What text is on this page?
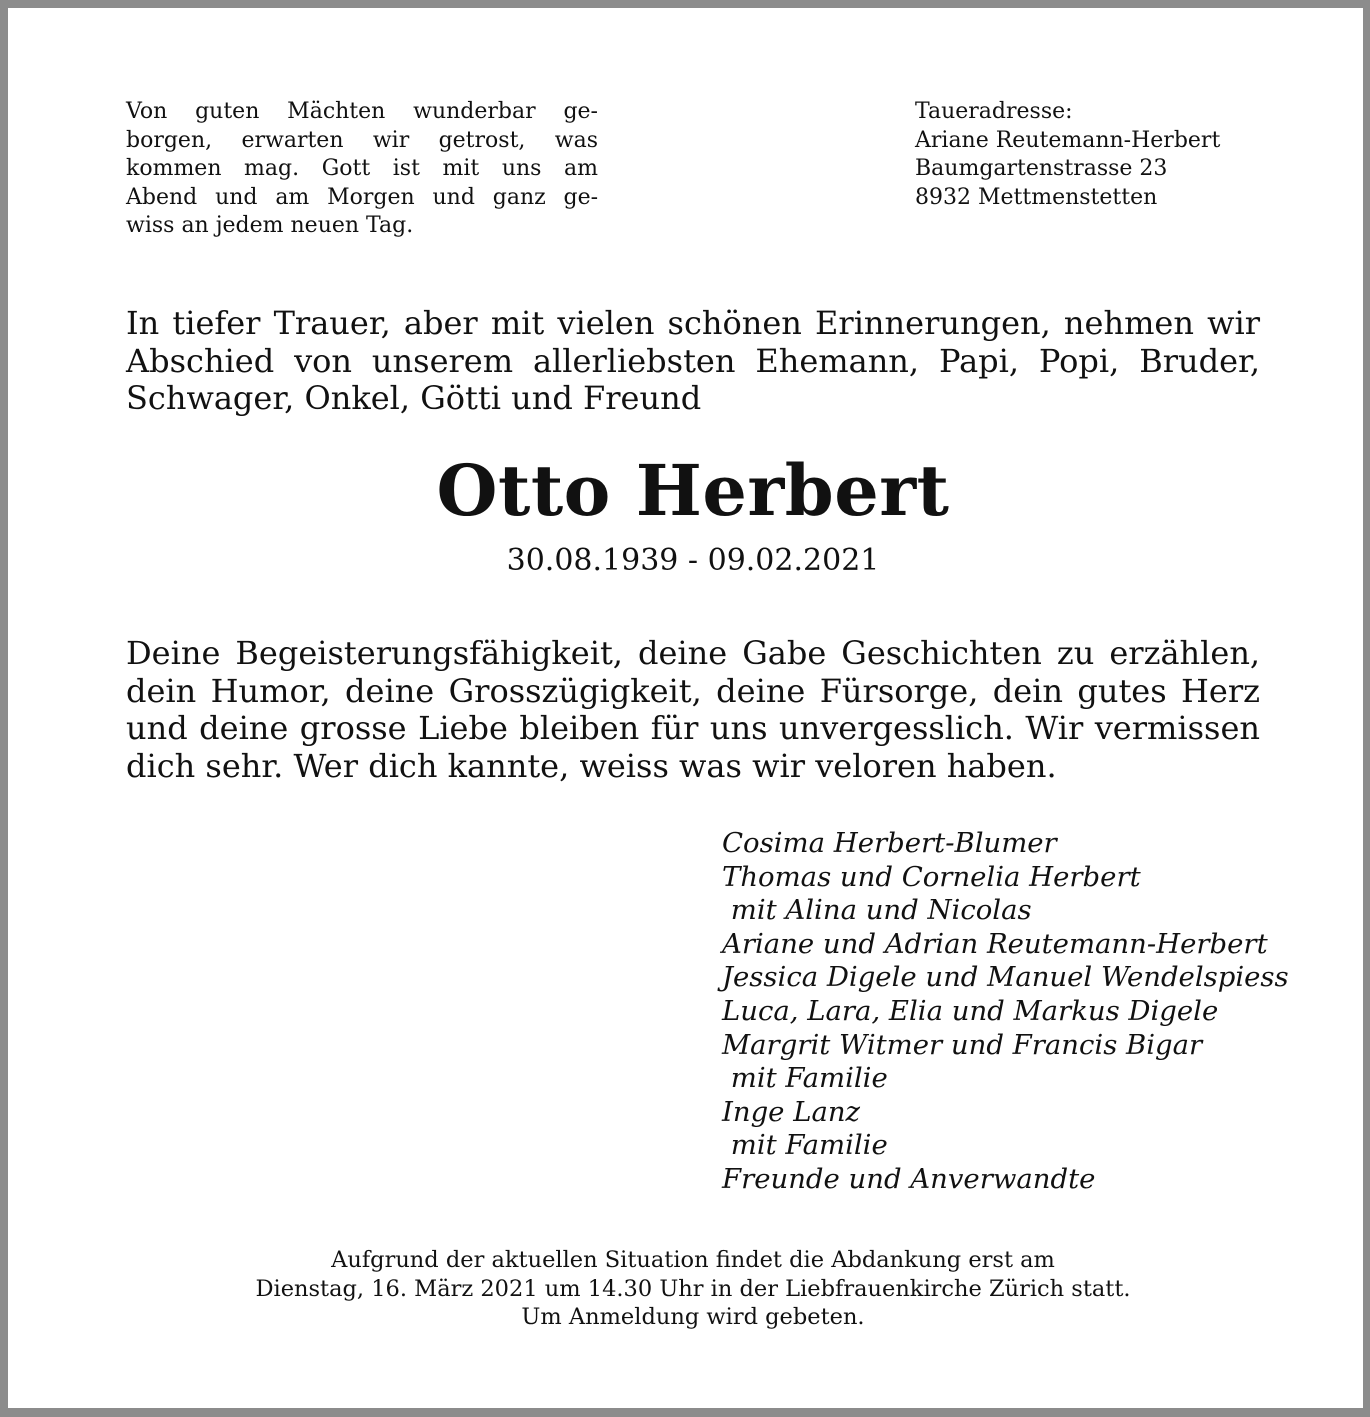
Von guten Mächten wunderbar ge-
borgen, erwarten wir getrost, was
kommen mag. Gott ist mit uns am
Abend und am Morgen und ganz ge-
wiss an jedem neuen Tag.
Taueradresse:
Ariane Reutemann-Herbert
Baumgartenstrasse 23
8932 Mettmenstetten
In tiefer Trauer, aber mit vielen schönen Erinnerungen, nehmen wir
Abschied von unserem allerliebsten Ehemann, Papi, Popi, Bruder,
Schwager, Onkel, Götti und Freund
Otto Herbert
30.08.1939 - 09.02.2021
Deine Begeisterungsfähigkeit, deine Gabe Geschichten zu erzählen,
dein Humor, deine Grosszügigkeit, deine Fürsorge, dein gutes Herz
und deine grosse Liebe bleiben für uns unvergesslich. Wir vermissen
dich sehr. Wer dich kannte, weiss was wir veloren haben.
Cosima Herbert-Blumer
Thomas und Cornelia Herbert
mit Alina und Nicolas
Ariane und Adrian Reutemann-Herbert
Jessica Digele und Manuel Wendelspiess
Luca, Lara, Elia und Markus Digele
Margrit Witmer und Francis Bigar
mit Familie
Inge Lanz
mit Familie
Freunde und Anverwandte
Aufgrund der aktuellen Situation findet die Abdankung erst am
Dienstag, 16. März 2021 um 14.30 Uhr in der Liebfrauenkirche Zürich statt.
Um Anmeldung wird gebeten.
